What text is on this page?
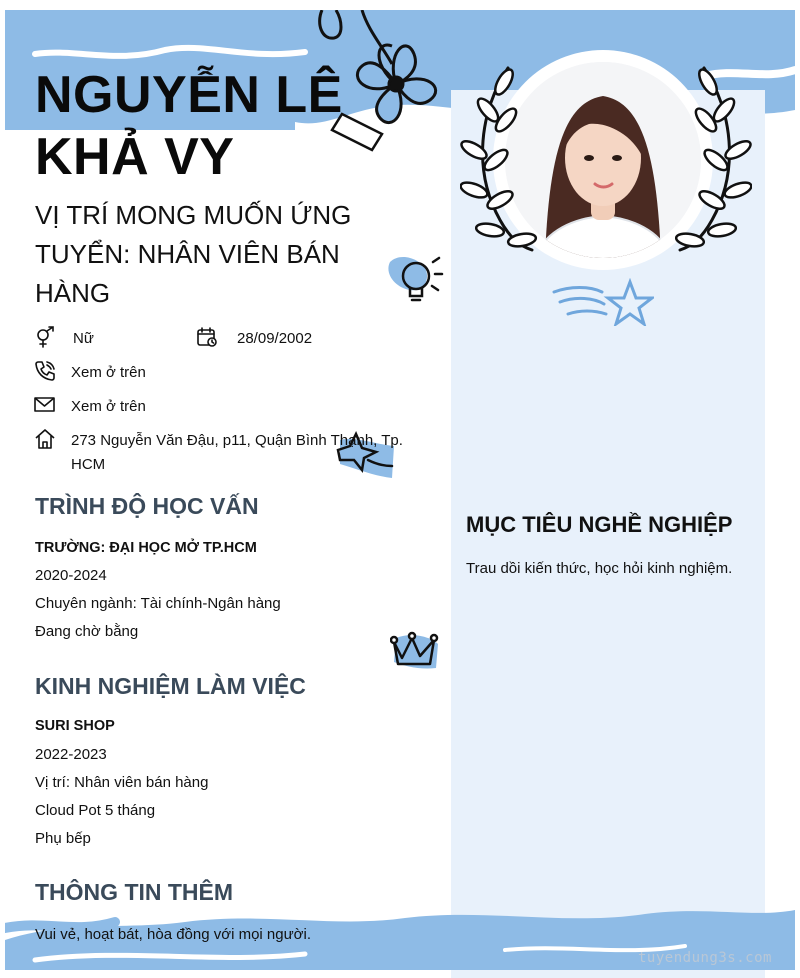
NGUYỄN LÊ KHẢ VY
VỊ TRÍ MONG MUỐN ỨNG TUYỂN: NHÂN VIÊN BÁN HÀNG
Nữ	28/09/2002
Xem ở trên
Xem ở trên
273 Nguyễn Văn Đậu, p11, Quận Bình Thạnh, Tp. HCM
TRÌNH ĐỘ HỌC VẤN
TRƯỜNG: ĐẠI HỌC MỞ TP.HCM
2020-2024
Chuyên ngành: Tài chính-Ngân hàng
Đang chờ bằng
KINH NGHIỆM LÀM VIỆC
SURI SHOP
2022-2023
Vị trí: Nhân viên bán hàng
Cloud Pot 5 tháng
Phụ bếp
THÔNG TIN THÊM
Vui vẻ, hoạt bát, hòa đồng với mọi người.
MỤC TIÊU NGHỀ NGHIỆP
Trau dồi kiến thức, học hỏi kinh nghiệm.
tuyendung3s.com
